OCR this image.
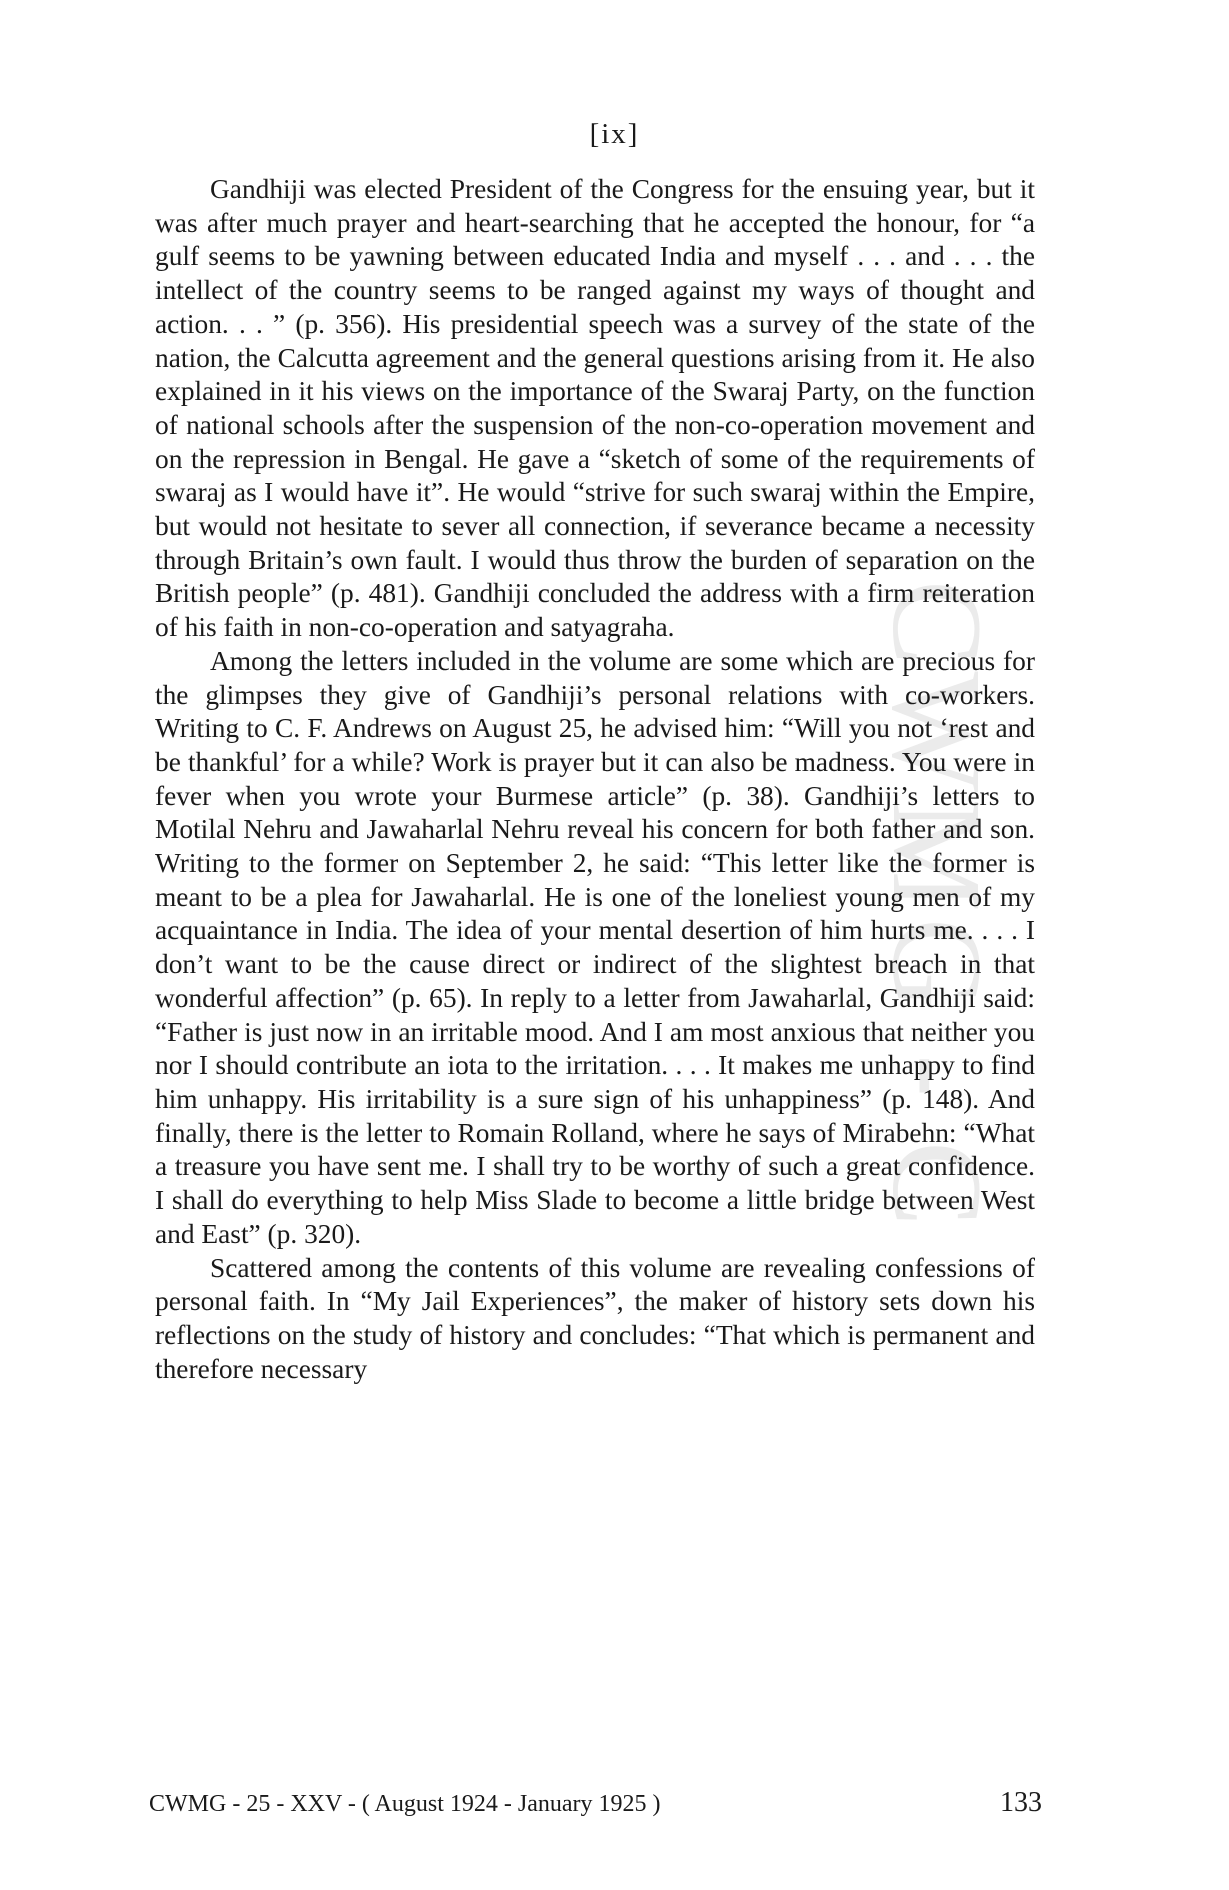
CWMG - C
[ix]

Gandhiji was elected President of the Congress for the ensuing year, but it was after much prayer and heart-searching that he accepted the honour, for “a gulf seems to be yawning between educated India and myself . . . and . . . the intellect of the country seems to be ranged against my ways of thought and action. . . ” (p. 356). His presidential speech was a survey of the state of the nation, the Calcutta agreement and the general questions arising from it. He also explained in it his views on the importance of the Swaraj Party, on the function of national schools after the suspension of the non-co-operation movement and on the repression in Bengal. He gave a “sketch of some of the requirements of swaraj as I would have it”. He would “strive for such swaraj within the Empire, but would not hesitate to sever all connection, if severance became a necessity through Britain’s own fault. I would thus throw the burden of separation on the British people” (p. 481). Gandhiji concluded the address with a firm reiteration of his faith in non-co-operation and satyagraha.

Among the letters included in the volume are some which are precious for the glimpses they give of Gandhiji’s personal relations with co-workers. Writing to C. F. Andrews on August 25, he advised him: “Will you not ‘rest and be thankful’ for a while? Work is prayer but it can also be madness. You were in fever when you wrote your Burmese article” (p. 38). Gandhiji’s letters to Motilal Nehru and Jawaharlal Nehru reveal his concern for both father and son. Writing to the former on September 2, he said: “This letter like the former is meant to be a plea for Jawaharlal. He is one of the loneliest young men of my acquaintance in India. The idea of your mental desertion of him hurts me. . . . I don’t want to be the cause direct or indirect of the slightest breach in that wonderful affection” (p. 65). In reply to a letter from Jawaharlal, Gandhiji said: “Father is just now in an irritable mood. And I am most anxious that neither you nor I should contribute an iota to the irritation. . . . It makes me unhappy to find him unhappy. His irritability is a sure sign of his unhappiness” (p. 148). And finally, there is the letter to Romain Rolland, where he says of Mirabehn: “What a treasure you have sent me. I shall try to be worthy of such a great confidence. I shall do everything to help Miss Slade to become a little bridge between West and East” (p. 320).

Scattered among the contents of this volume are revealing confessions of personal faith. In “My Jail Experiences”, the maker of history sets down his reflections on the study of history and concludes: “That which is permanent and therefore necessary

CWMG - 25 - XXV - ( August 1924 - January 1925 )	133
